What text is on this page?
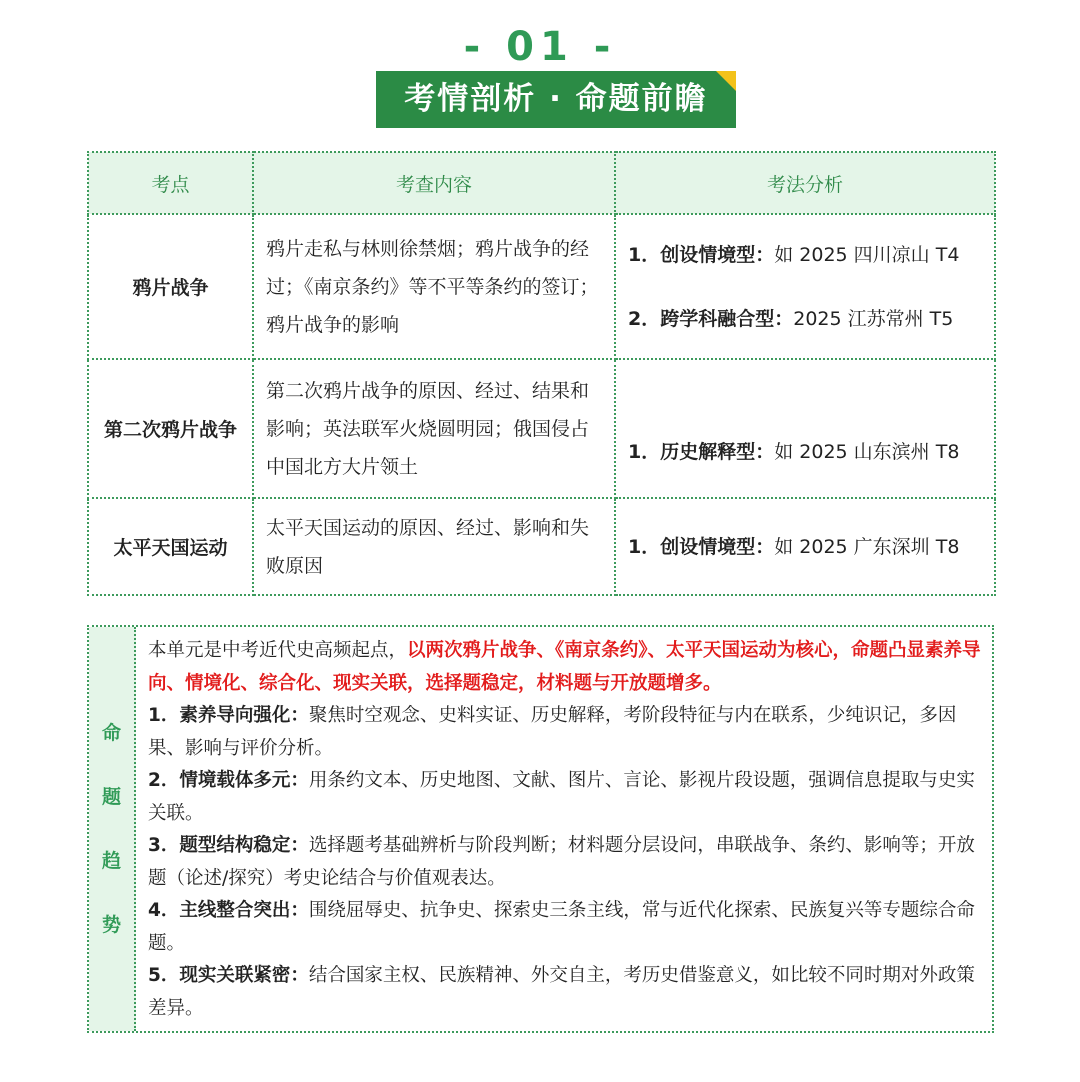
- 01 -
考情剖析 · 命题前瞻
考点	考查内容	考法分析
鸦片战争	鸦片走私与林则徐禁烟；鸦片战争的经过；《南京条约》等不平等条约的签订；鸦片战争的影响	1．创设情境型：如 2025 四川凉山 T4
2．跨学科融合型：2025 江苏常州 T5

第二次鸦片战争	第二次鸦片战争的原因、经过、结果和影响；英法联军火烧圆明园；俄国侵占中国北方大片领土	1．历史解释型：如 2025 山东滨州 T8

太平天国运动	太平天国运动的原因、经过、影响和失败原因	1．创设情境型：如 2025 广东深圳 T8
命
题
趋
势

本单元是中考近代史高频起点，以两次鸦片战争、《南京条约》、太平天国运动为核心，命题凸显素养导向、情境化、综合化、现实关联，选择题稳定，材料题与开放题增多。

1．素养导向强化：聚焦时空观念、史料实证、历史解释，考阶段特征与内在联系，少纯识记，多因果、影响与评价分析。

2．情境载体多元：用条约文本、历史地图、文献、图片、言论、影视片段设题，强调信息提取与史实关联。

3．题型结构稳定：选择题考基础辨析与阶段判断；材料题分层设问，串联战争、条约、影响等；开放题（论述/探究）考史论结合与价值观表达。

4．主线整合突出：围绕屈辱史、抗争史、探索史三条主线，常与近代化探索、民族复兴等专题综合命题。

5．现实关联紧密：结合国家主权、民族精神、外交自主，考历史借鉴意义，如比较不同时期对外政策差异。
